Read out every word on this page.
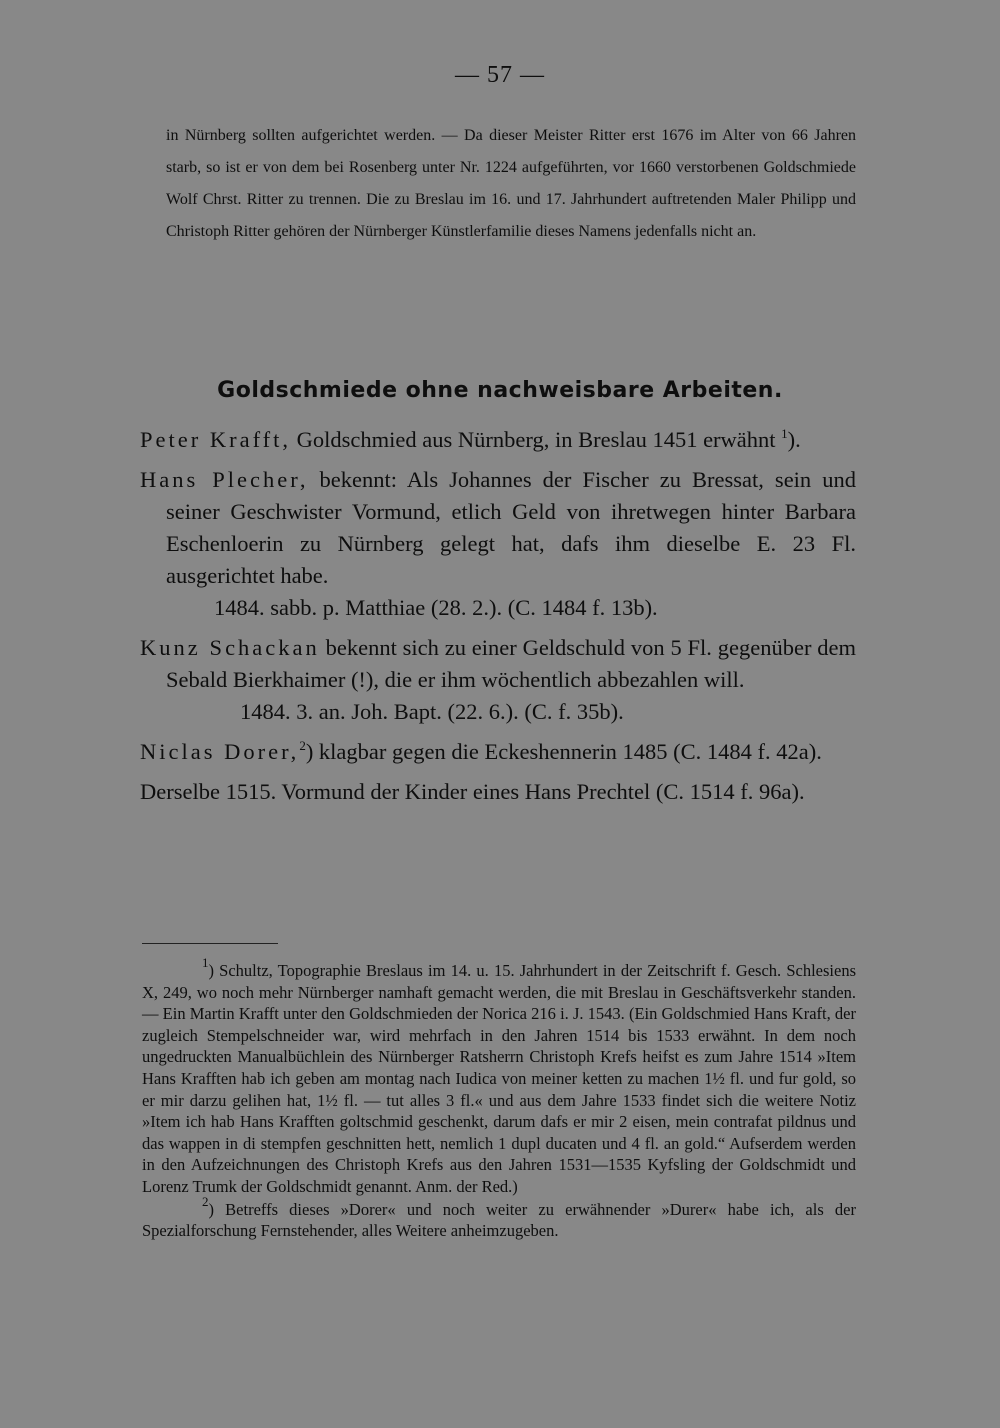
— 57 —

in Nürnberg sollten aufgerichtet werden. — Da dieser Meister Ritter erst 1676 im Alter von 66 Jahren starb, so ist er von dem bei Rosenberg unter Nr. 1224 aufgeführten, vor 1660 verstorbenen Goldschmiede Wolf Chrst. Ritter zu trennen. Die zu Breslau im 16. und 17. Jahrhundert auftretenden Maler Philipp und Christoph Ritter gehören der Nürnberger Künstlerfamilie dieses Namens jedenfalls nicht an.

Goldschmiede ohne nachweisbare Arbeiten.

Peter Krafft, Goldschmied aus Nürnberg, in Breslau 1451 erwähnt $^1$).

Hans Plecher, bekennt: Als Johannes der Fischer zu Bressat, sein und seiner Geschwister Vormund, etlich Geld von ihretwegen hinter Barbara Eschenloerin zu Nürnberg gelegt hat, dafs ihm dieselbe E. 23 Fl. ausgerichtet habe.
1484. sabb. p. Matthiae (28. 2.). (C. 1484 f. 13b).

Kunz Schackan bekennt sich zu einer Geldschuld von 5 Fl. gegenüber dem Sebald Bierkhaimer (!), die er ihm wöchentlich abbezahlen will.
1484. 3. an. Joh. Bapt. (22. 6.). (C. f. 35b).

Niclas Dorer,$^2$) klagbar gegen die Eckeshennerin 1485 (C. 1484 f. 42a).

Derselbe 1515. Vormund der Kinder eines Hans Prechtel (C. 1514 f. 96a).

$^1$) Schultz, Topographie Breslaus im 14. u. 15. Jahrhundert in der Zeitschrift f. Gesch. Schlesiens X, 249, wo noch mehr Nürnberger namhaft gemacht werden, die mit Breslau in Geschäftsverkehr standen. — Ein Martin Krafft unter den Goldschmieden der Norica 216 i. J. 1543. (Ein Goldschmied Hans Kraft, der zugleich Stempelschneider war, wird mehrfach in den Jahren 1514 bis 1533 erwähnt. In dem noch ungedruckten Manualbüchlein des Nürnberger Ratsherrn Christoph Krefs heifst es zum Jahre 1514 »Item Hans Krafften hab ich geben am montag nach Iudica von meiner ketten zu machen 1½ fl. und fur gold, so er mir darzu gelihen hat, 1½ fl. — tut alles 3 fl.« und aus dem Jahre 1533 findet sich die weitere Notiz »Item ich hab Hans Krafften goltschmid geschenkt, darum dafs er mir 2 eisen, mein contrafat pildnus und das wappen in di stempfen geschnitten hett, nemlich 1 dupl ducaten und 4 fl. an gold.“ Aufserdem werden in den Aufzeichnungen des Christoph Krefs aus den Jahren 1531—1535 Kyfsling der Goldschmidt und Lorenz Trumk der Goldschmidt genannt. Anm. der Red.)

$^2$) Betreffs dieses »Dorer« und noch weiter zu erwähnender »Durer« habe ich, als der Spezialforschung Fernstehender, alles Weitere anheimzugeben.
